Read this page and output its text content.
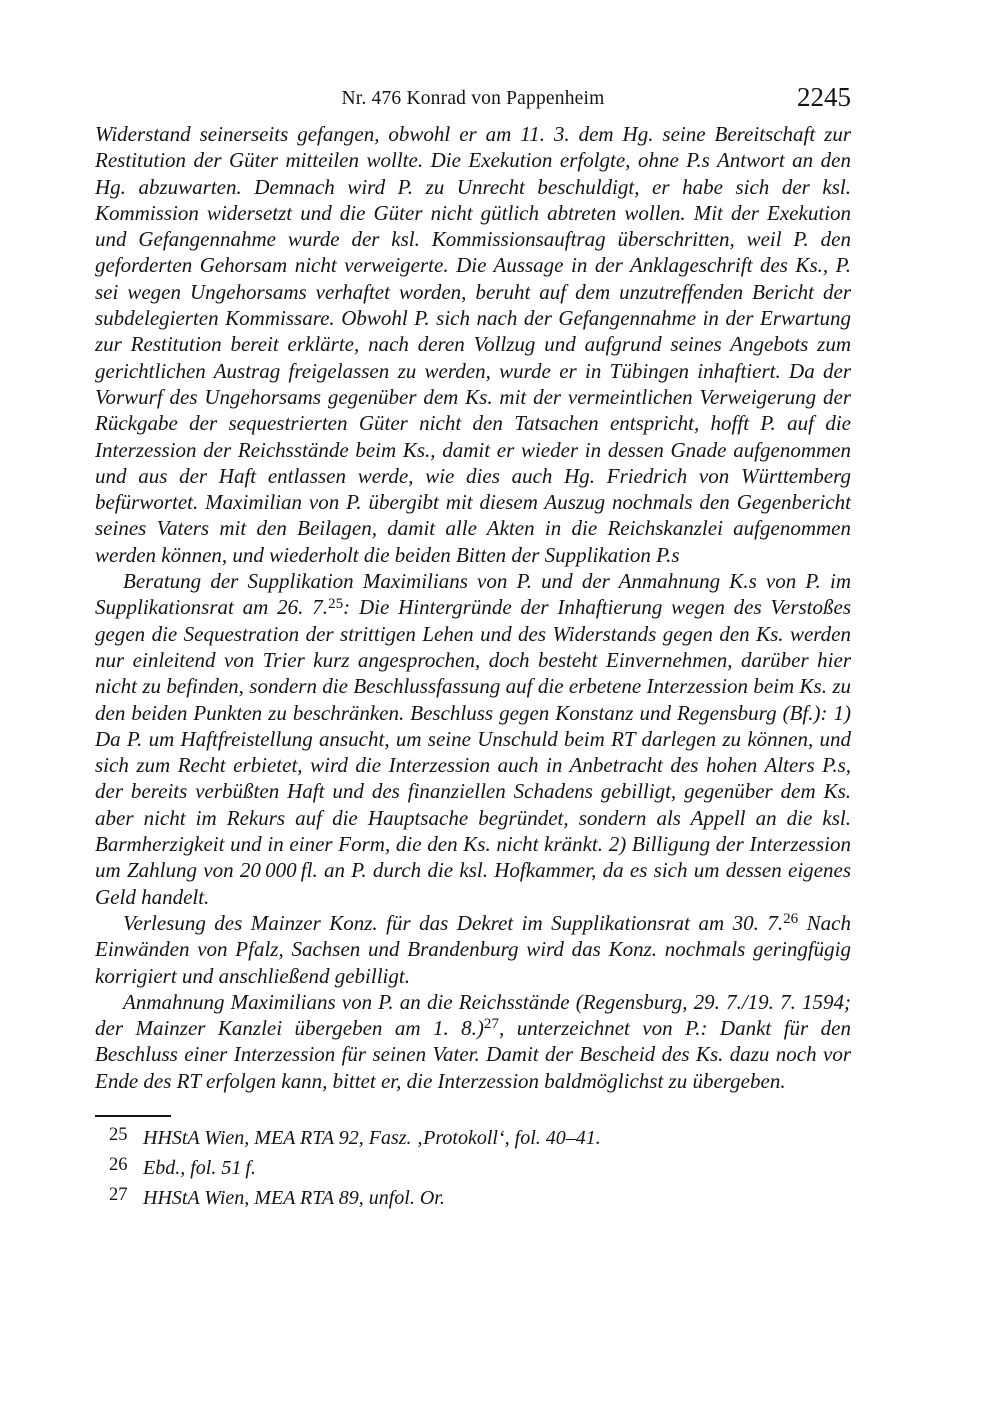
Nr. 476 Konrad von Pappenheim	2245

Widerstand seinerseits gefangen, obwohl er am 11. 3. dem Hg. seine Bereitschaft zur Restitution der Güter mitteilen wollte. Die Exekution erfolgte, ohne P.s Antwort an den Hg. abzuwarten. Demnach wird P. zu Unrecht beschuldigt, er habe sich der ksl. Kommission widersetzt und die Güter nicht gütlich abtreten wollen. Mit der Exekution und Gefangennahme wurde der ksl. Kommissionsauftrag überschritten, weil P. den geforderten Gehorsam nicht verweigerte. Die Aussage in der Anklageschrift des Ks., P. sei wegen Ungehorsams verhaftet worden, beruht auf dem unzutreffenden Bericht der subdelegierten Kommissare. Obwohl P. sich nach der Gefangennahme in der Erwartung zur Restitution bereit erklärte, nach deren Vollzug und aufgrund seines Angebots zum gerichtlichen Austrag freigelassen zu werden, wurde er in Tübingen inhaftiert. Da der Vorwurf des Ungehorsams gegenüber dem Ks. mit der vermeintlichen Verweigerung der Rückgabe der sequestrierten Güter nicht den Tatsachen entspricht, hofft P. auf die Interzession der Reichsstände beim Ks., damit er wieder in dessen Gnade aufgenommen und aus der Haft entlassen werde, wie dies auch Hg. Friedrich von Württemberg befürwortet. Maximilian von P. übergibt mit diesem Auszug nochmals den Gegenbericht seines Vaters mit den Beilagen, damit alle Akten in die Reichskanzlei aufgenommen werden können, und wiederholt die beiden Bitten der Supplikation P.s

Beratung der Supplikation Maximilians von P. und der Anmahnung K.s von P. im Supplikationsrat am 26. 7.25: Die Hintergründe der Inhaftierung wegen des Verstoßes gegen die Sequestration der strittigen Lehen und des Widerstands gegen den Ks. werden nur einleitend von Trier kurz angesprochen, doch besteht Einvernehmen, darüber hier nicht zu befinden, sondern die Beschlussfassung auf die erbetene Interzession beim Ks. zu den beiden Punkten zu beschränken. Beschluss gegen Konstanz und Regensburg (Bf.): 1) Da P. um Haftfreistellung ansucht, um seine Unschuld beim RT darlegen zu können, und sich zum Recht erbietet, wird die Interzession auch in Anbetracht des hohen Alters P.s, der bereits verbüßten Haft und des finanziellen Schadens gebilligt, gegenüber dem Ks. aber nicht im Rekurs auf die Hauptsache begründet, sondern als Appell an die ksl. Barmherzigkeit und in einer Form, die den Ks. nicht kränkt. 2) Billigung der Interzession um Zahlung von 20 000 fl. an P. durch die ksl. Hofkammer, da es sich um dessen eigenes Geld handelt.

Verlesung des Mainzer Konz. für das Dekret im Supplikationsrat am 30. 7.26 Nach Einwänden von Pfalz, Sachsen und Brandenburg wird das Konz. nochmals geringfügig korrigiert und anschließend gebilligt.

Anmahnung Maximilians von P. an die Reichsstände (Regensburg, 29. 7./19. 7. 1594; der Mainzer Kanzlei übergeben am 1. 8.)$^{27}$, unterzeichnet von P.: Dankt für den Beschluss einer Interzession für seinen Vater. Damit der Bescheid des Ks. dazu noch vor Ende des RT erfolgen kann, bittet er, die Interzession baldmöglichst zu übergeben.

25 HHStA Wien, MEA RTA 92, Fasz. ‚Protokoll‘, fol. 40–41.
26 Ebd., fol. 51 f.
27 HHStA Wien, MEA RTA 89, unfol. Or.
